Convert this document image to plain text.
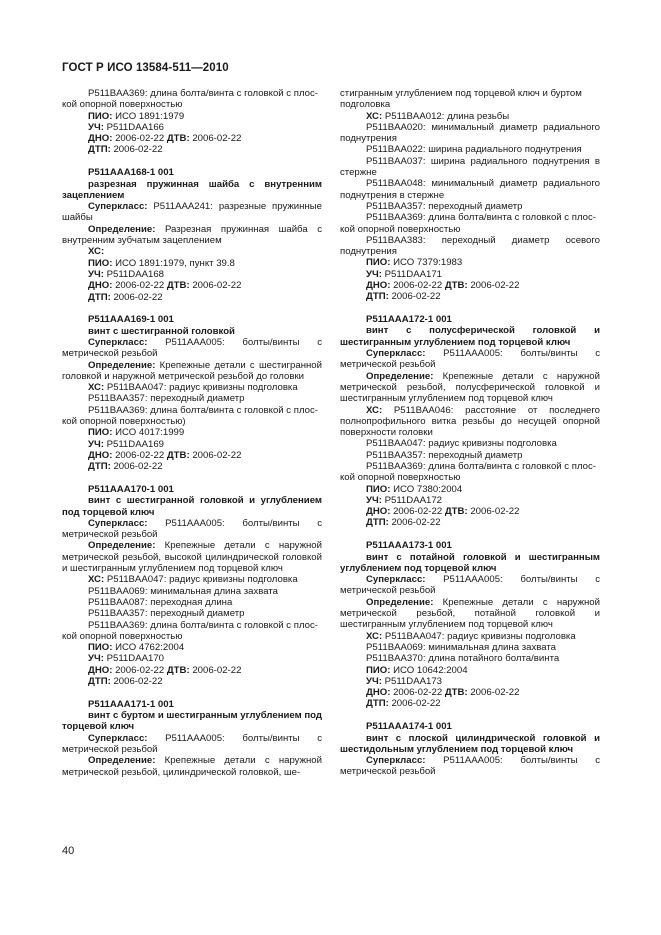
ГОСТ Р ИСО 13584-511—2010

P511BAA369: длина болта/винта с головкой с плос-

кой опорной поверхностью

ПИО: ИСО 1891:1979

УЧ: P511DAA166

ДНО: 2006-02-22 ДТВ: 2006-02-22

ДТП: 2006-02-22

P511AAA168-1 001

разрезная пружинная шайба с внутренним зацеплением

Суперкласс: P511AAA241: разрезные пружинные шайбы

Определение: Разрезная пружинная шайба с внутренним зубчатым зацеплением

ХС:

ПИО: ИСО 1891:1979, пункт 39.8

УЧ: P511DAA168

ДНО: 2006-02-22 ДТВ: 2006-02-22

ДТП: 2006-02-22

P511AAA169-1 001

винт с шестигранной головкой

Суперкласс: P511AAA005: болты/винты с метрической резьбой

Определение: Крепежные детали с шестигранной головкой и наружной метрической резьбой до головки

ХС: P511BAA047: радиус кривизны подголовка

P511BAA357: переходный диаметр

P511BAA369: длина болта/винта с головкой с плос-

кой опорной поверхностью)

ПИО: ИСО 4017:1999

УЧ: P511DAA169

ДНО: 2006-02-22 ДТВ: 2006-02-22

ДТП: 2006-02-22

P511AAA170-1 001

винт с шестигранной головкой и углублением под торцевой ключ

Суперкласс: P511AAA005: болты/винты с метрической резьбой

Определение: Крепежные детали с наружной метрической резьбой, высокой цилиндрической головкой и шестигранным углублением под торцевой ключ

ХС: P511BAA047: радиус кривизны подголовка

P511BAA069: минимальная длина захвата

P511BAA087: переходная длина

P511BAA357: переходный диаметр

P511BAA369: длина болта/винта с головкой с плос-

кой опорной поверхностью

ПИО: ИСО 4762:2004

УЧ: P511DAA170

ДНО: 2006-02-22 ДТВ: 2006-02-22

ДТП: 2006-02-22

P511AAA171-1 001

винт с буртом и шестигранным углублением под торцевой ключ

Суперкласс: P511AAA005: болты/винты с метрической резьбой

Определение: Крепежные детали с наружной метрической резьбой, цилиндрической головкой, ше-

стигранным углублением под торцевой ключ и буртом

подголовка

ХС: P511BAA012: длина резьбы

P511BAA020: минимальный диаметр радиального поднутрения

P511BAA022: ширина радиального поднутрения

P511BAA037: ширина радиального поднутрения в стержне

P511BAA048: минимальный диаметр радиального поднутрения в стержне

P511BAA357: переходный диаметр

P511BAA369: длина болта/винта с головкой с плос-

кой опорной поверхностью

P511BAA383: переходный диаметр осевого поднутрения

ПИО: ИСО 7379:1983

УЧ: P511DAA171

ДНО: 2006-02-22 ДТВ: 2006-02-22

ДТП: 2006-02-22

P511AAA172-1 001

винт с полусферической головкой и шестигранным углублением под торцевой ключ

Суперкласс: P511AAA005: болты/винты с метрической резьбой

Определение: Крепежные детали с наружной метрической резьбой, полусферической головкой и шестигранным углублением под торцевой ключ

ХС: P511BAA046: расстояние от последнего полнопрофильного витка резьбы до несущей опорной поверхности головки

P511BAA047: радиус кривизны подголовка

P511BAA357: переходный диаметр

P511BAA369: длина болта/винта с головкой с плос-

кой опорной поверхностью

ПИО: ИСО 7380:2004

УЧ: P511DAA172

ДНО: 2006-02-22 ДТВ: 2006-02-22

ДТП: 2006-02-22

P511AAA173-1 001

винт с потайной головкой и шестигранным углублением под торцевой ключ

Суперкласс: P511AAA005: болты/винты с метрической резьбой

Определение: Крепежные детали с наружной метрической резьбой, потайной головкой и шестигранным углублением под торцевой ключ

ХС: P511BAA047: радиус кривизны подголовка

P511BAA069: минимальная длина захвата

P511BAA370: длина потайного болта/винта

ПИО: ИСО 10642:2004

УЧ: P511DAA173

ДНО: 2006-02-22 ДТВ: 2006-02-22

ДТП: 2006-02-22

P511AAA174-1 001

винт с плоской цилиндрической головкой и шестидольным углублением под торцевой ключ

Суперкласс: P511AAA005: болты/винты с метрической резьбой

40
